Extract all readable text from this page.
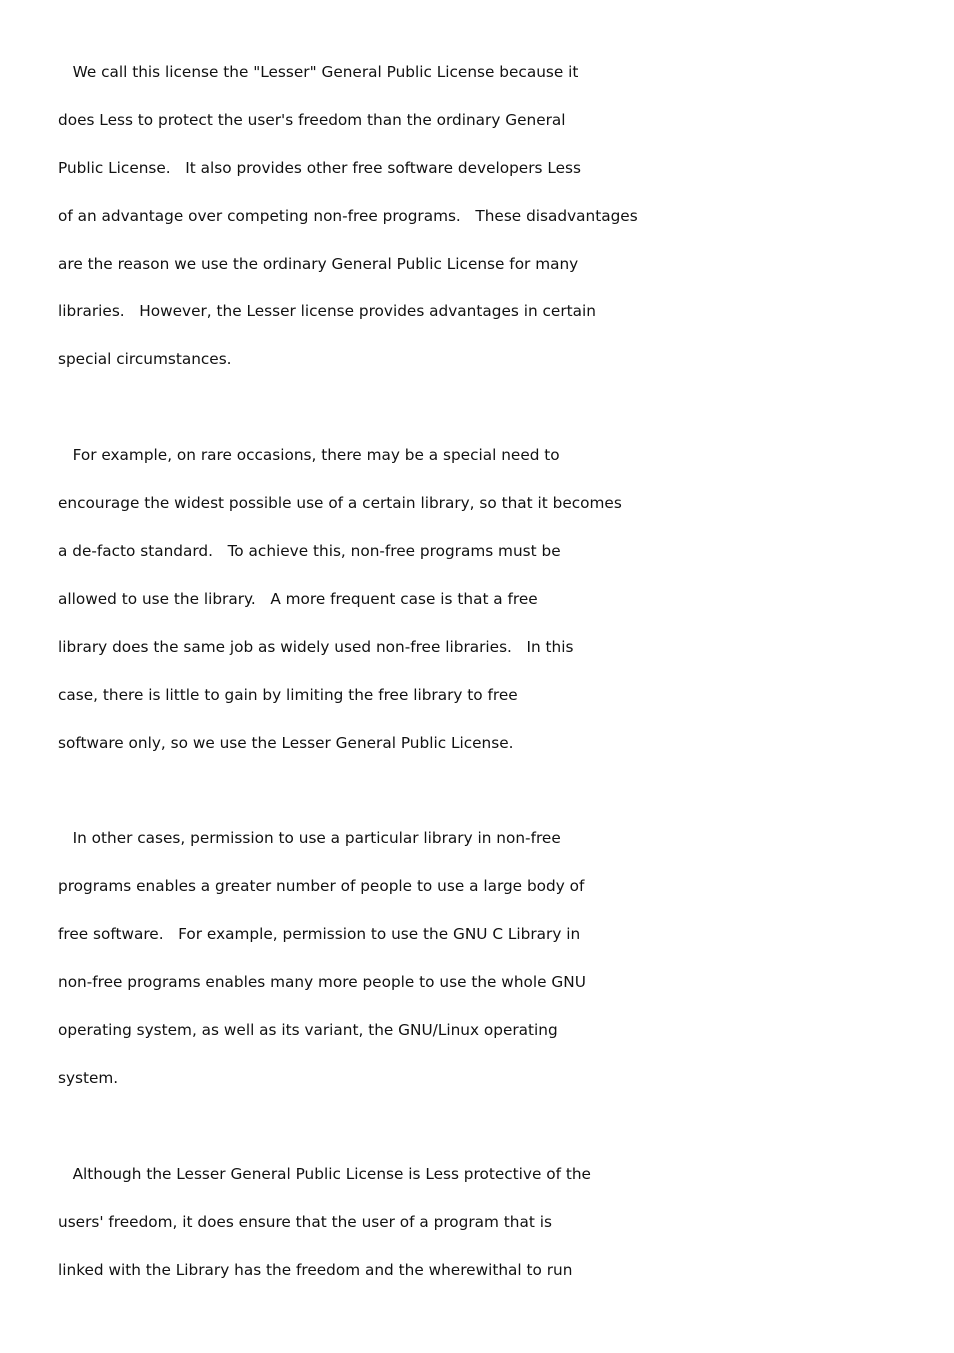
We call this license the "Lesser" General Public License because it
does Less to protect the user's freedom than the ordinary General
Public License.   It also provides other free software developers Less
of an advantage over competing non-free programs.   These disadvantages
are the reason we use the ordinary General Public License for many
libraries.   However, the Lesser license provides advantages in certain
special circumstances.
For example, on rare occasions, there may be a special need to
encourage the widest possible use of a certain library, so that it becomes
a de-facto standard.   To achieve this, non-free programs must be
allowed to use the library.   A more frequent case is that a free
library does the same job as widely used non-free libraries.   In this
case, there is little to gain by limiting the free library to free
software only, so we use the Lesser General Public License.
In other cases, permission to use a particular library in non-free
programs enables a greater number of people to use a large body of
free software.   For example, permission to use the GNU C Library in
non-free programs enables many more people to use the whole GNU
operating system, as well as its variant, the GNU/Linux operating
system.
Although the Lesser General Public License is Less protective of the
users' freedom, it does ensure that the user of a program that is
linked with the Library has the freedom and the wherewithal to run
